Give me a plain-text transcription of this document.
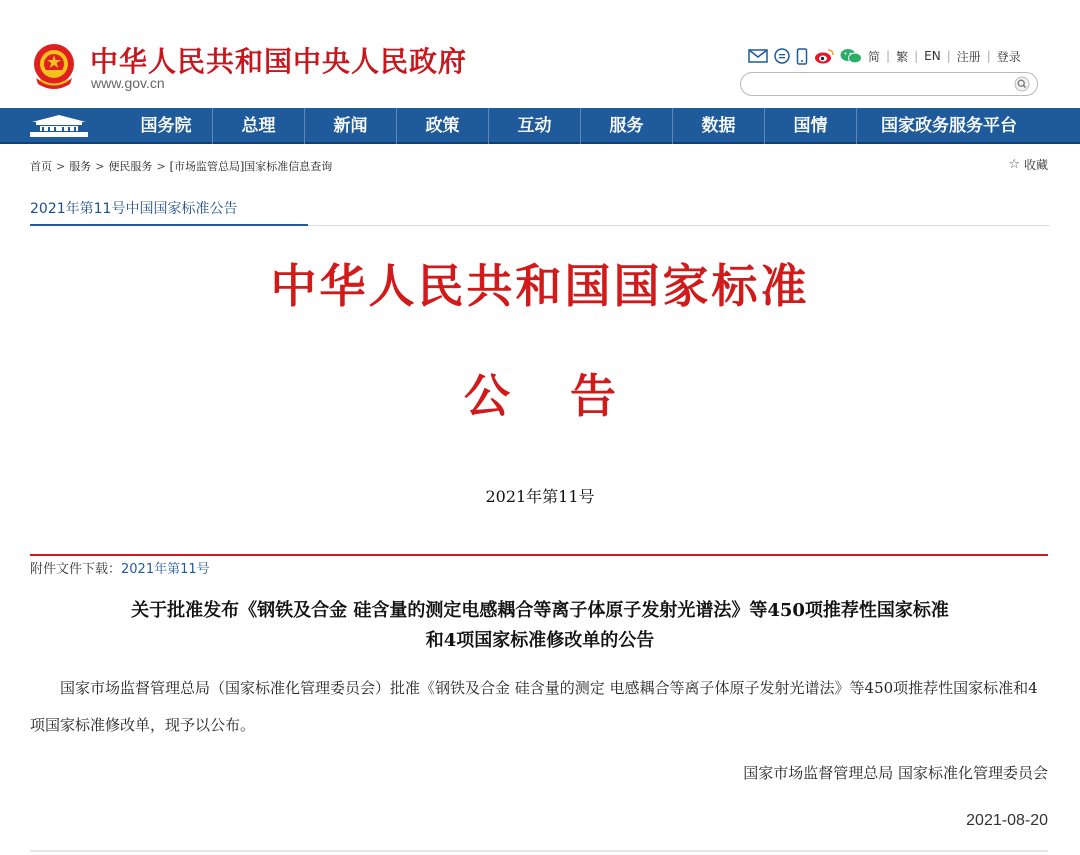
中华人民共和国中央人民政府
www.gov.cn
简 | 繁 | EN | 注册 | 登录
国务院	总理	新闻	政策	互动	服务	数据	国情	国家政务服务平台
首页 > 服务 > 便民服务 > [市场监管总局]国家标准信息查询	☆ 收藏
2021年第11号中国国家标准公告
中华人民共和国国家标准
公告
2021年第11号
附件文件下载：2021年第11号
关于批准发布《钢铁及合金 硅含量的测定电感耦合等离子体原子发射光谱法》等450项推荐性国家标准
和4项国家标准修改单的公告
国家市场监督管理总局（国家标准化管理委员会）批准《钢铁及合金 硅含量的测定 电感耦合等离子体原子发射光谱法》等450项推荐性国家标准和4项国家标准修改单，现予以公布。
国家市场监督管理总局 国家标准化管理委员会
2021-08-20
